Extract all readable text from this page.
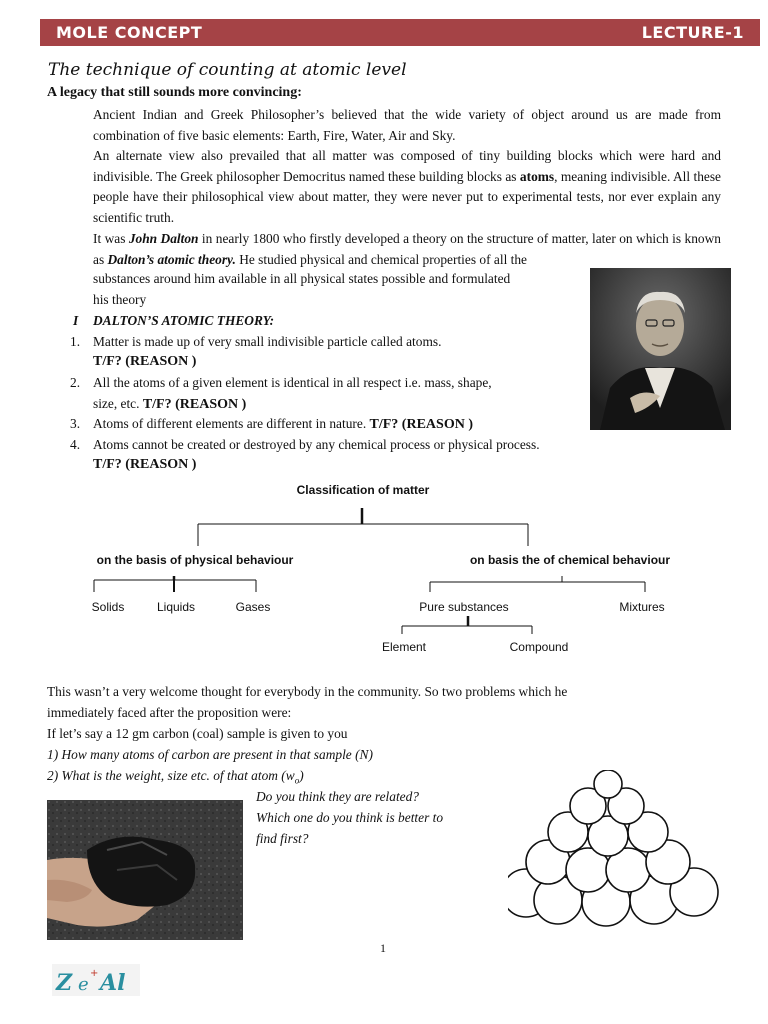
MOLE CONCEPT	LECTURE-1
The technique of counting at atomic level
A legacy that still sounds more convincing:
Ancient Indian and Greek Philosopher’s believed that the wide variety of object around us are made from combination of five basic elements: Earth, Fire, Water, Air and Sky.
An alternate view also prevailed that all matter was composed of tiny building blocks which were hard and indivisible. The Greek philosopher Democritus named these building blocks as atoms, meaning indivisible. All these people have their philosophical view about matter, they were never put to experimental tests, nor ever explain any scientific truth.
It was John Dalton in nearly 1800 who firstly developed a theory on the structure of matter, later on which is known as Dalton’s atomic theory. He studied physical and chemical properties of all the
substances around him available in all physical states possible and formulated
his theory
I DALTON’S ATOMIC THEORY:
1. Matter is made up of very small indivisible particle called atoms.
T/F? (REASON )
2. All the atoms of a given element is identical in all respect i.e. mass, shape,
size, etc. T/F? (REASON )
3. Atoms of different elements are different in nature. T/F? (REASON )
4. Atoms cannot be created or destroyed by any chemical process or physical process.
T/F? (REASON )
Classification of matter
on the basis of physical behaviour	on basis the of chemical behaviour
Solids	Liquids	Gases	Pure substances	Mixtures
Element	Compound
This wasn’t a very welcome thought for everybody in the community. So two problems which he
immediately faced after the proposition were:
If let’s say a 12 gm carbon (coal) sample is given to you
1) How many atoms of carbon are present in that sample (N)
2) What is the weight, size etc. of that atom $(w_o)$
Do you think they are related?
Which one do you think is better to
find first?
1
Z e
+ Al
